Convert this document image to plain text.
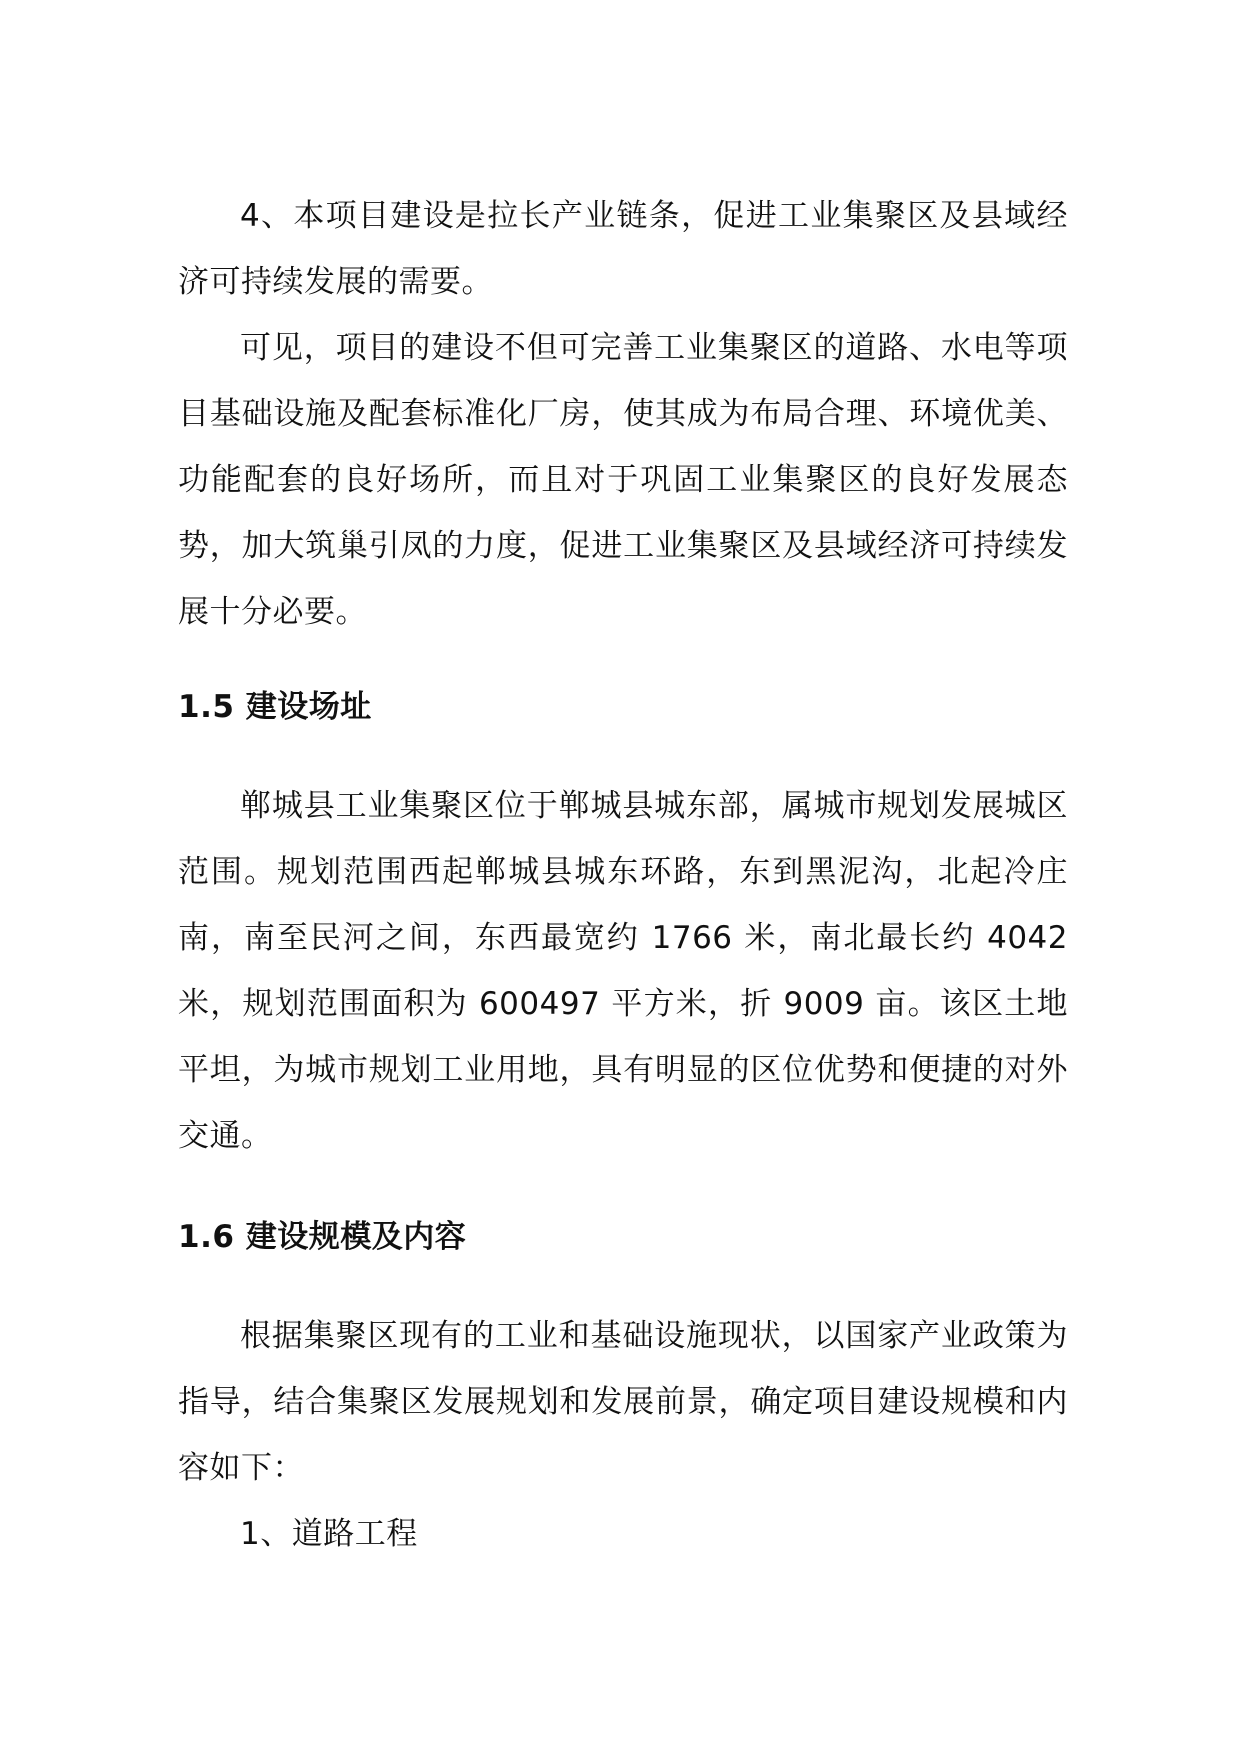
4、本项目建设是拉长产业链条，促进工业集聚区及县域经济可持续发展的需要。

可见，项目的建设不但可完善工业集聚区的道路、水电等项目基础设施及配套标准化厂房，使其成为布局合理、环境优美、功能配套的良好场所，而且对于巩固工业集聚区的良好发展态势，加大筑巢引凤的力度，促进工业集聚区及县域经济可持续发展十分必要。

1.5 建设场址

郸城县工业集聚区位于郸城县城东部，属城市规划发展城区范围。规划范围西起郸城县城东环路，东到黑泥沟，北起冷庄南，南至民河之间，东西最宽约 1766 米，南北最长约 4042 米，规划范围面积为 600497 平方米，折 9009 亩。该区土地平坦，为城市规划工业用地，具有明显的区位优势和便捷的对外交通。

1.6 建设规模及内容

根据集聚区现有的工业和基础设施现状，以国家产业政策为指导，结合集聚区发展规划和发展前景，确定项目建设规模和内容如下：

1、道路工程
